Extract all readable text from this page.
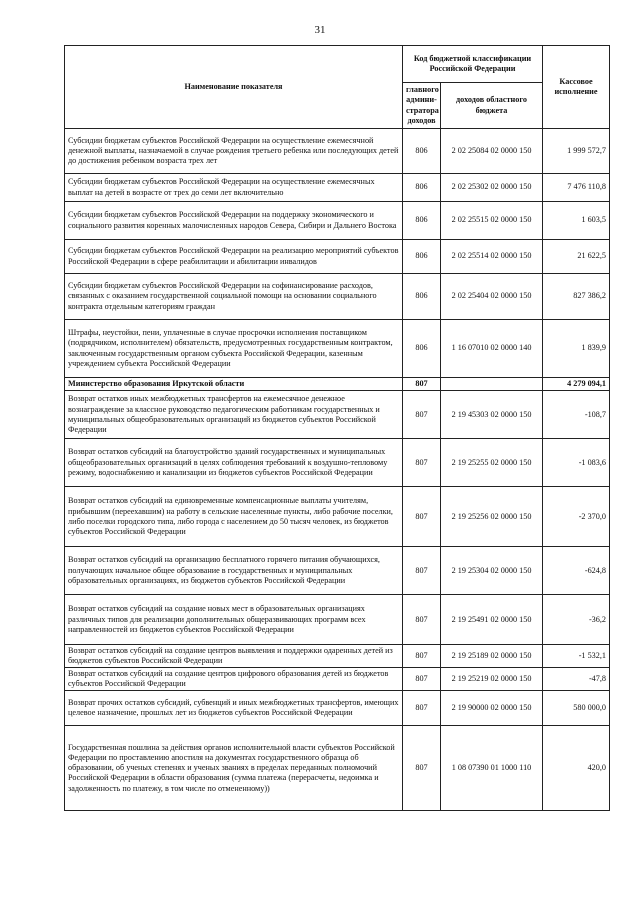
31
Наименование показателя	Код бюджетной классификации Российской Федерации		Кассовое исполнение
	главного админи-стратора доходов	доходов областного бюджета	
Субсидии бюджетам субъектов Российской Федерации на осуществление ежемесячной денежной выплаты, назначаемой в случае рождения третьего ребенка или последующих детей до достижения ребенком возраста трех лет	806	2 02 25084 02 0000 150	1 999 572,7
Субсидии бюджетам субъектов Российской Федерации на осуществление ежемесячных выплат на детей в возрасте от трех до семи лет включительно	806	2 02 25302 02 0000 150	7 476 110,8
Субсидии бюджетам субъектов Российской Федерации на поддержку экономического и социального развития коренных малочисленных народов Севера, Сибири и Дальнего Востока	806	2 02 25515 02 0000 150	1 603,5
Субсидии бюджетам субъектов Российской Федерации на реализацию мероприятий субъектов Российской Федерации в сфере реабилитации и абилитации инвалидов	806	2 02 25514 02 0000 150	21 622,5
Субсидии бюджетам субъектов Российской Федерации на софинансирование расходов, связанных с оказанием государственной социальной помощи на основании социального контракта отдельным категориям граждан	806	2 02 25404 02 0000 150	827 386,2
Штрафы, неустойки, пени, уплаченные в случае просрочки исполнения поставщиком (подрядчиком, исполнителем) обязательств, предусмотренных государственным контрактом, заключенным государственным органом субъекта Российской Федерации, казенным учреждением субъекта Российской Федерации	806	1 16 07010 02 0000 140	1 839,9
Министерство образования Иркутской области	807		4 279 094,1
Возврат остатков иных межбюджетных трансфертов на ежемесячное денежное вознаграждение за классное руководство педагогическим работникам государственных и муниципальных общеобразовательных организаций из бюджетов субъектов Российской Федерации	807	2 19 45303 02 0000 150	-108,7
Возврат остатков субсидий на благоустройство зданий государственных и муниципальных общеобразовательных организаций в целях соблюдения требований к воздушно-тепловому режиму, водоснабжению и канализации из бюджетов субъектов Российской Федерации	807	2 19 25255 02 0000 150	-1 083,6
Возврат остатков субсидий на единовременные компенсационные выплаты учителям, прибывшим (переехавшим) на работу в сельские населенные пункты, либо рабочие поселки, либо поселки городского типа, либо города с населением до 50 тысяч человек, из бюджетов субъектов Российской Федерации	807	2 19 25256 02 0000 150	-2 370,0
Возврат остатков субсидий на организацию бесплатного горячего питания обучающихся, получающих начальное общее образование в государственных и муниципальных образовательных организациях, из бюджетов субъектов Российской Федерации	807	2 19 25304 02 0000 150	-624,8
Возврат остатков субсидий на создание новых мест в образовательных организациях различных типов для реализации дополнительных общеразвивающих программ всех направленностей из бюджетов субъектов Российской Федерации	807	2 19 25491 02 0000 150	-36,2
Возврат остатков субсидий на создание центров выявления и поддержки одаренных детей из бюджетов субъектов Российской Федерации	807	2 19 25189 02 0000 150	-1 532,1
Возврат остатков субсидий на создание центров цифрового образования детей из бюджетов субъектов Российской Федерации	807	2 19 25219 02 0000 150	-47,8
Возврат прочих остатков субсидий, субвенций и иных межбюджетных трансфертов, имеющих целевое назначение, прошлых лет из бюджетов субъектов Российской Федерации	807	2 19 90000 02 0000 150	580 000,0
Государственная пошлина за действия органов исполнительной власти субъектов Российской Федерации по проставлению апостиля на документах государственного образца об образовании, об ученых степенях и ученых званиях в пределах переданных полномочий Российской Федерации в области образования (сумма платежа (перерасчеты, недоимка и задолженность по платежу, в том числе по отмененному))	807	1 08 07390 01 1000 110	420,0
